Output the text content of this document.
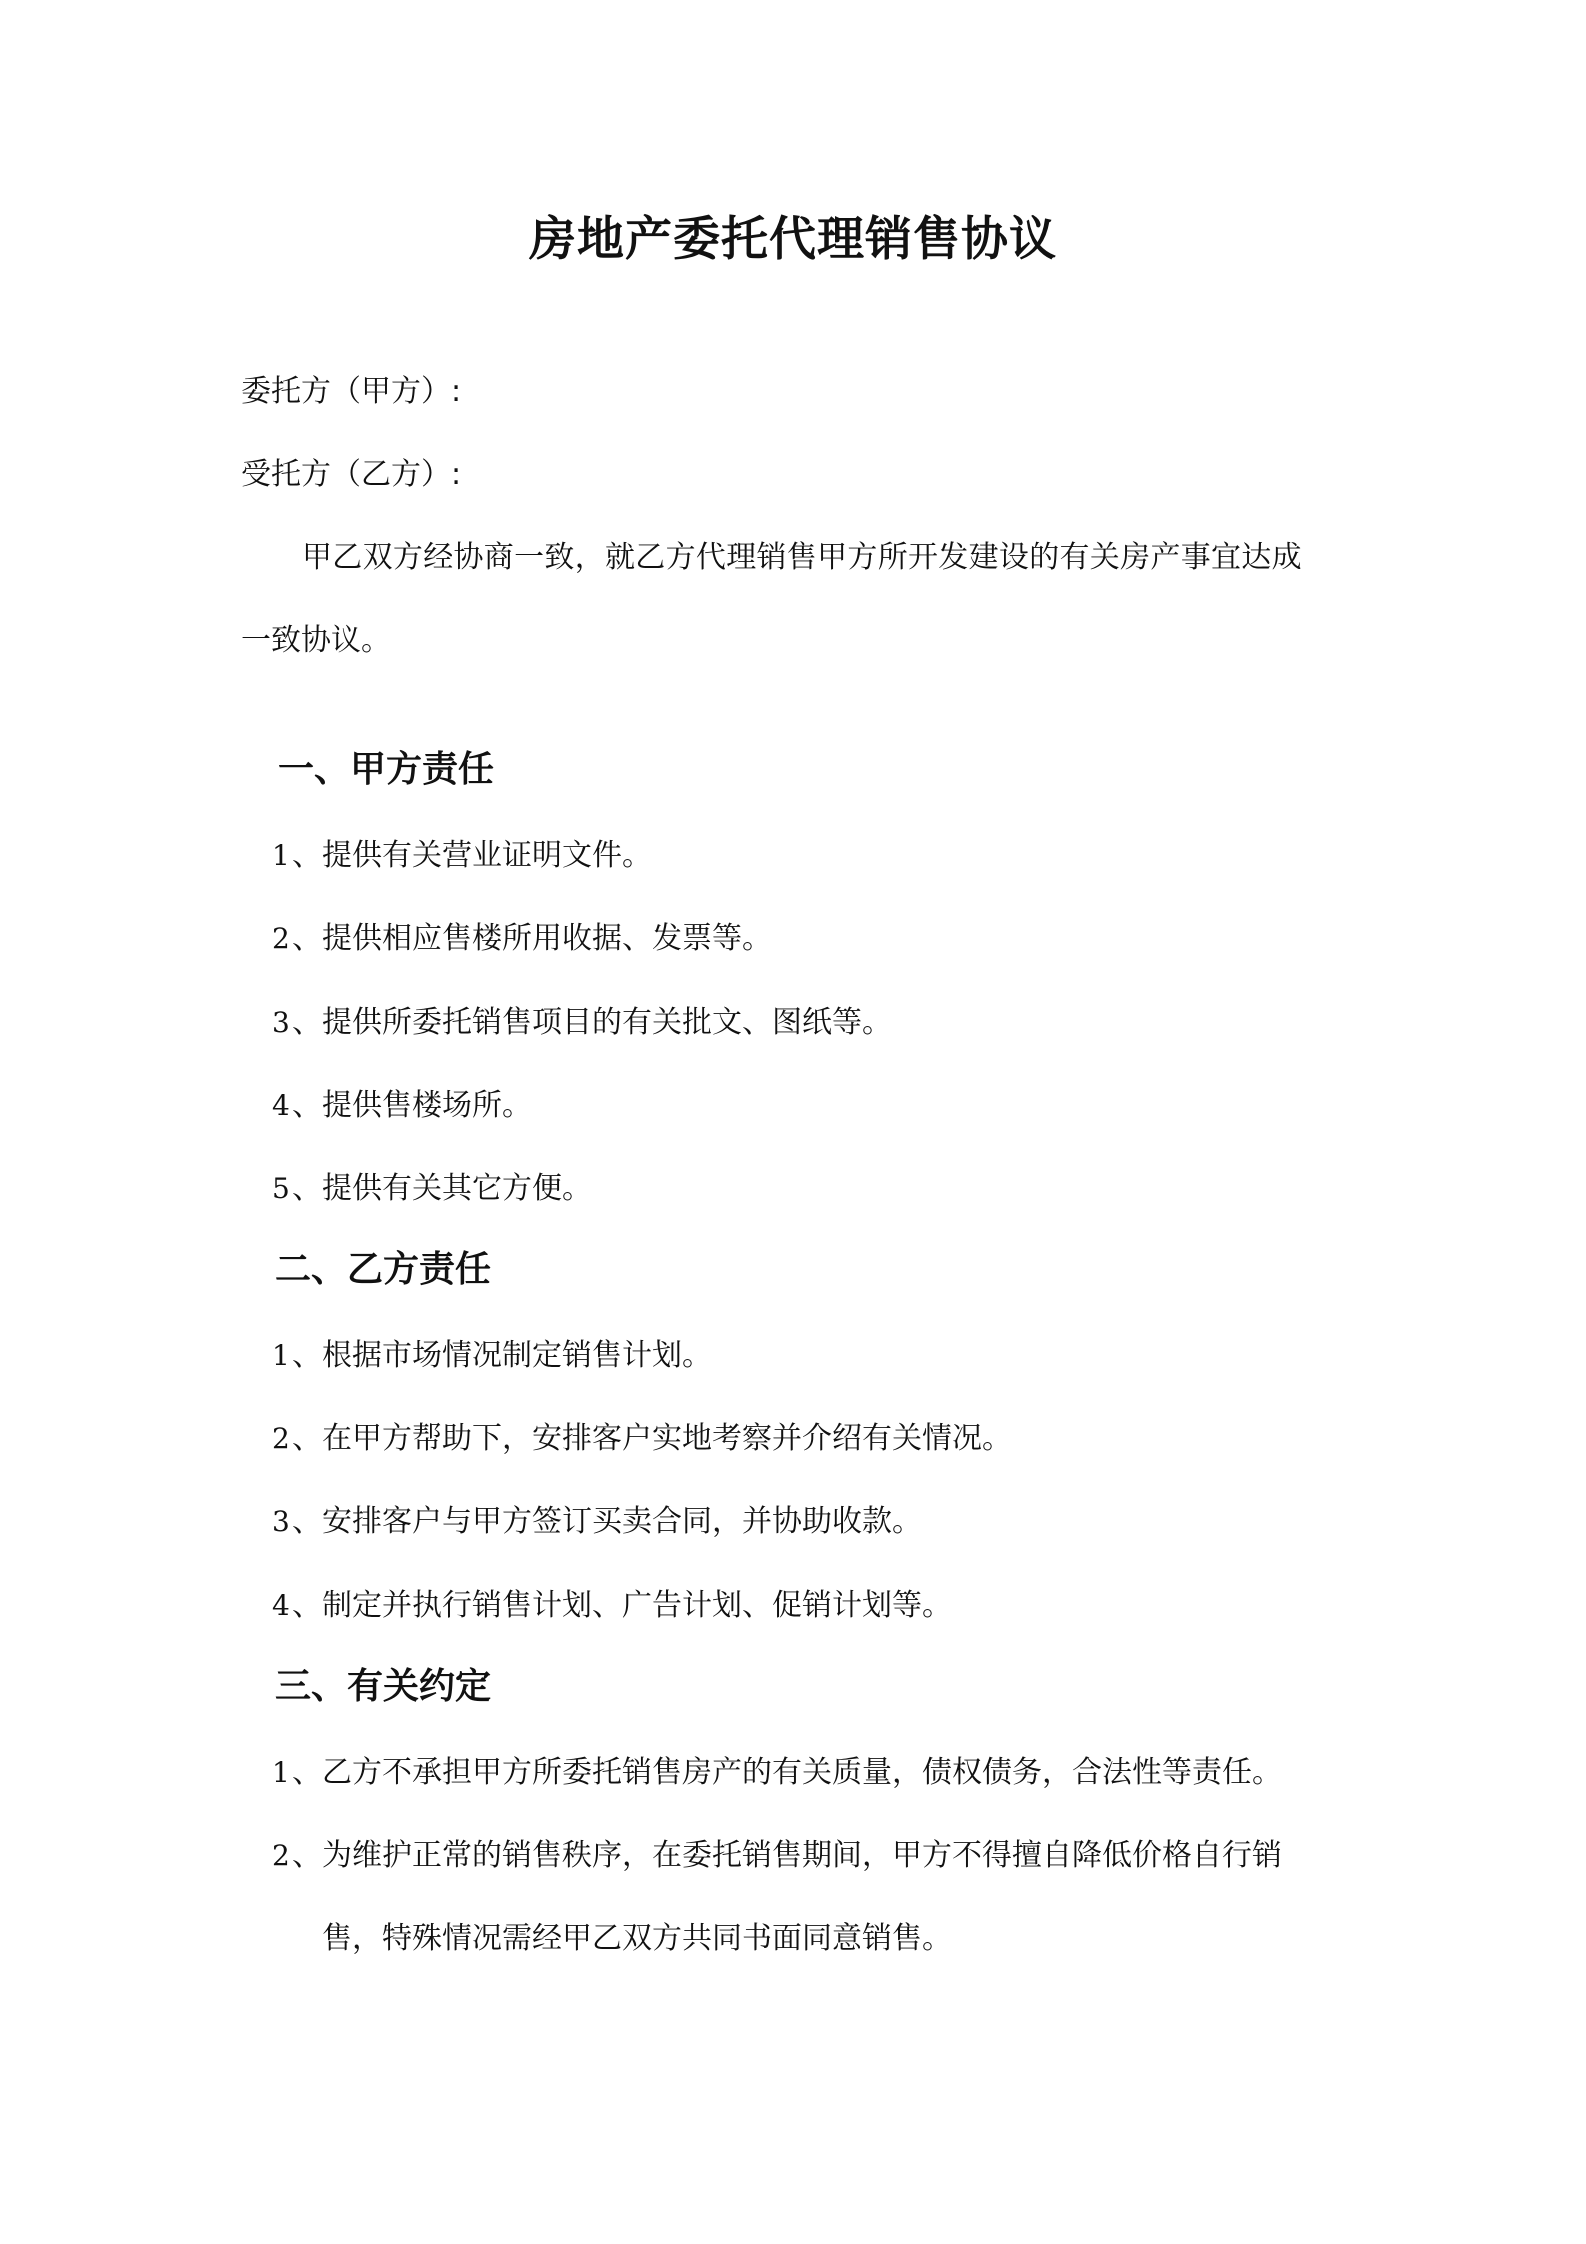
房地产委托代理销售协议

委托方（甲方）:

受托方（乙方）:

甲乙双方经协商一致，就乙方代理销售甲方所开发建设的有关房产事宜达成

一致协议。

一、甲方责任

1、提供有关营业证明文件。

2、提供相应售楼所用收据、发票等。

3、提供所委托销售项目的有关批文、图纸等。

4、提供售楼场所。

5、提供有关其它方便。

二、乙方责任

1、根据市场情况制定销售计划。

2、在甲方帮助下，安排客户实地考察并介绍有关情况。

3、安排客户与甲方签订买卖合同，并协助收款。

4、制定并执行销售计划、广告计划、促销计划等。

三、有关约定

1、乙方不承担甲方所委托销售房产的有关质量，债权债务，合法性等责任。

2、为维护正常的销售秩序，在委托销售期间，甲方不得擅自降低价格自行销

售，特殊情况需经甲乙双方共同书面同意销售。
